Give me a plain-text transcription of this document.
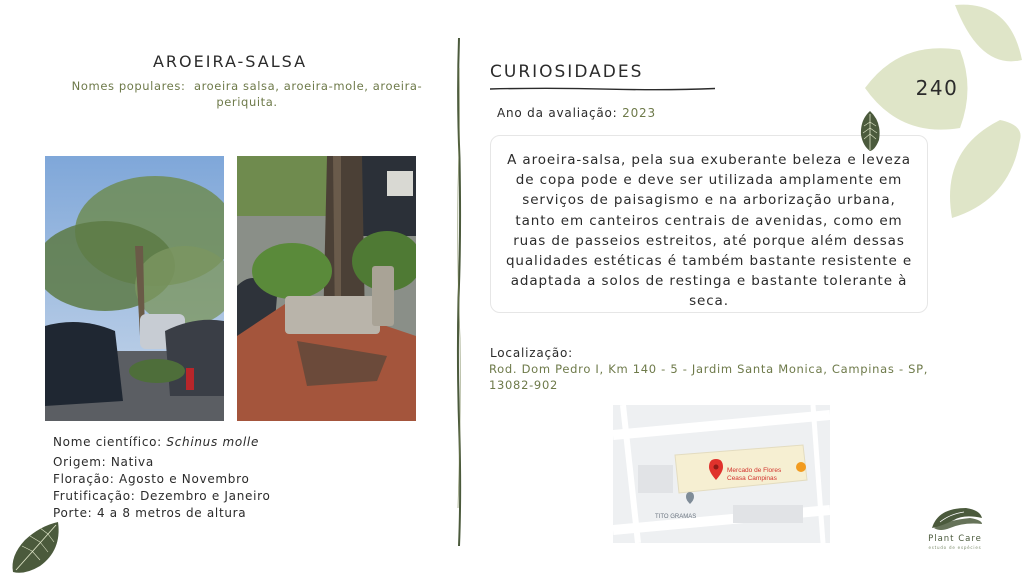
AROEIRA-SALSA
Nomes populares: aroeira salsa, aroeira-mole, aroeira-periquita.
Nome científico: Schinus molle
Origem: Nativa
Floração: Agosto e Novembro
Frutificação: Dezembro e Janeiro
Porte: 4 a 8 metros de altura
CURIOSIDADES
Ano da avaliação: 2023
A aroeira-salsa, pela sua exuberante beleza e leveza de copa pode e deve ser utilizada amplamente em serviços de paisagismo e na arborização urbana, tanto em canteiros centrais de avenidas, como em ruas de passeios estreitos, até porque além dessas qualidades estéticas é também bastante resistente e adaptada a solos de restinga e bastante tolerante à seca.
Localização:
Rod. Dom Pedro I, Km 140 - 5 - Jardim Santa Monica, Campinas - SP, 13082-902
Mercado de Flores
Ceasa Campinas
TITO GRAMAS
240
Plant Care
estudo de espécies
